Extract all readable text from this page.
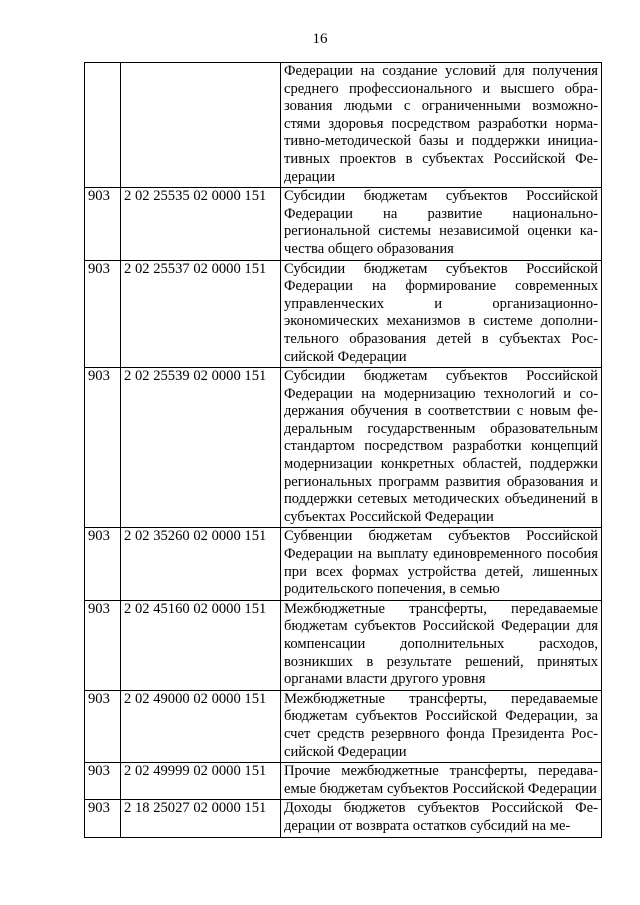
16
		Федерации на создание условий для получения среднего профессионального и высшего образования людьми с ограниченными возможностями здоровья посредством разработки нормативно-методической базы и поддержки инициативных проектов в субъектах Российской Федерации
903	2 02 25535 02 0000 151	Субсидии бюджетам субъектов Российской Федерации на развитие национально-региональной системы независимой оценки качества общего образования
903	2 02 25537 02 0000 151	Субсидии бюджетам субъектов Российской Федерации на формирование современных управленческих и организационно-экономических механизмов в системе дополнительного образования детей в субъектах Российской Федерации
903	2 02 25539 02 0000 151	Субсидии бюджетам субъектов Российской Федерации на модернизацию технологий и содержания обучения в соответствии с новым федеральным государственным образовательным стандартом посредством разработки концепций модернизации конкретных областей, поддержки региональных программ развития образования и поддержки сетевых методических объединений в субъектах Российской Федерации
903	2 02 35260 02 0000 151	Субвенции бюджетам субъектов Российской Федерации на выплату единовременного пособия при всех формах устройства детей, лишенных родительского попечения, в семью
903	2 02 45160 02 0000 151	Межбюджетные трансферты, передаваемые бюджетам субъектов Российской Федерации для компенсации дополнительных расходов, возникших в результате решений, принятых органами власти другого уровня
903	2 02 49000 02 0000 151	Межбюджетные трансферты, передаваемые бюджетам субъектов Российской Федерации, за счет средств резервного фонда Президента Российской Федерации
903	2 02 49999 02 0000 151	Прочие межбюджетные трансферты, передаваемые бюджетам субъектов Российской Федерации
903	2 18 25027 02 0000 151	Доходы бюджетов субъектов Российской Федерации от возврата остатков субсидий на ме-
